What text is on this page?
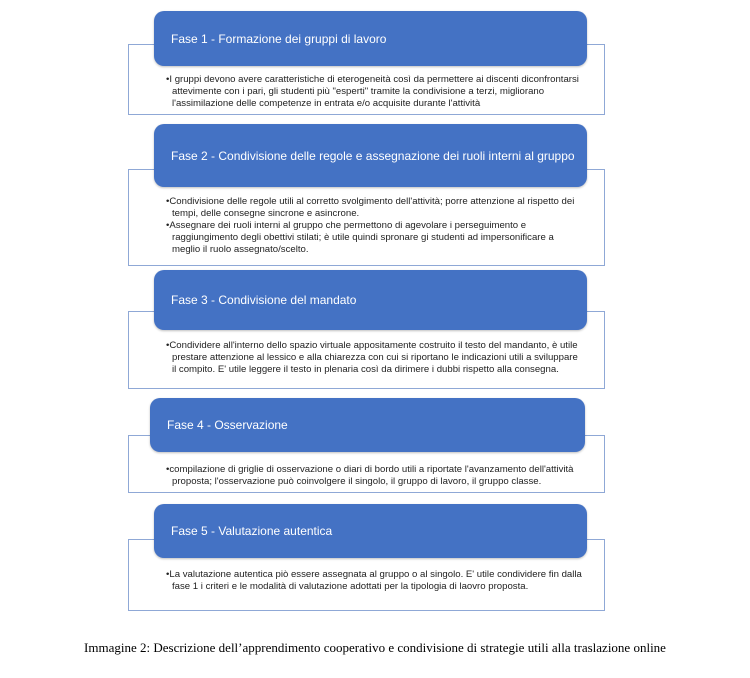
Fase 1 - Formazione dei gruppi di lavoro
• I gruppi devono avere caratteristiche di eterogeneità così da permettere ai discenti diconfrontarsi attevimente con i pari, gli studenti più "esperti" tramite la condivisione a terzi, migliorano l'assimilazione delle competenze in entrata e/o acquisite durante l'attività
Fase 2 - Condivisione delle regole e assegnazione dei ruoli interni al gruppo
• Condivisione delle regole utili al corretto svolgimento dell'attività; porre attenzione al rispetto dei tempi, delle consegne sincrone e asincrone.
• Assegnare dei ruoli interni al gruppo che permettono di agevolare i perseguimento e raggiungimento degli obettivi stilati; è utile quindi spronare gi studenti ad impersonificare a meglio il ruolo assegnato/scelto.
Fase 3 - Condivisione del mandato
• Condividere all'interno dello spazio virtuale appositamente costruito il testo del mandanto, è utile prestare attenzione al lessico e alla chiarezza con cui si riportano le indicazioni utili a sviluppare il compito. E' utile leggere il testo in plenaria così da dirimere i dubbi rispetto alla consegna.
Fase 4 - Osservazione
• compilazione di griglie di osservazione o diari di bordo utili a riportate l'avanzamento dell'attività proposta; l'osservazione può coinvolgere il singolo, il gruppo di lavoro, il gruppo classe.
Fase 5 - Valutazione autentica
• La valutazione autentica piò essere assegnata al gruppo o al singolo. E' utile condividere fin dalla fase 1 i criteri e le modalità di valutazione adottati per la tipologia di laovro proposta.
Immagine 2: Descrizione dell’apprendimento cooperativo e condivisione di strategie utili alla traslazione online
